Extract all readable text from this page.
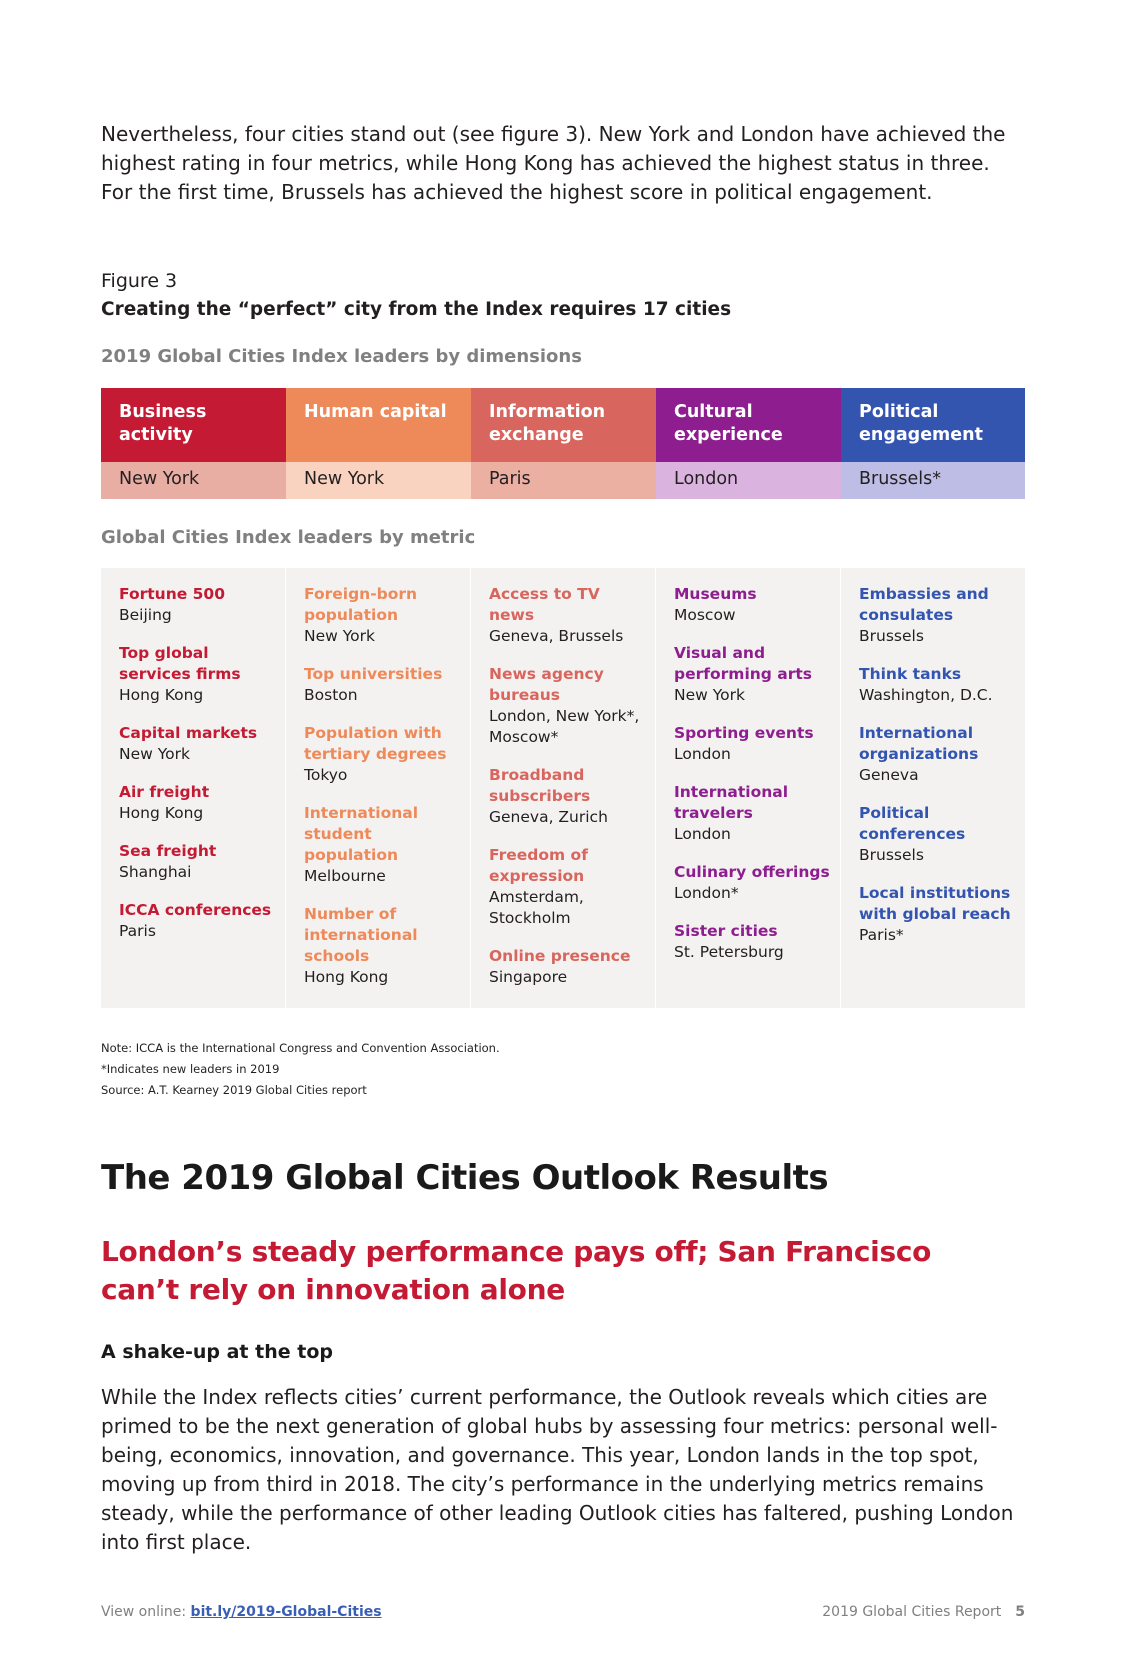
Nevertheless, four cities stand out (see figure 3). New York and London have achieved the highest rating in four metrics, while Hong Kong has achieved the highest status in three. For the first time, Brussels has achieved the highest score in political engagement.
Figure 3
Creating the “perfect” city from the Index requires 17 cities
2019 Global Cities Index leaders by dimensions
Business activity
New York
Human capital
New York
Information exchange
Paris
Cultural experience
London
Political engagement
Brussels*
Global Cities Index leaders by metric
Fortune 500
Beijing
Top global services firms
Hong Kong
Capital markets
New York
Air freight
Hong Kong
Sea freight
Shanghai
ICCA conferences
Paris
Foreign-born population
New York
Top universities
Boston
Population with tertiary degrees
Tokyo
International student population
Melbourne
Number of international schools
Hong Kong
Access to TV news
Geneva, Brussels
News agency bureaus
London, New York*, Moscow*
Broadband subscribers
Geneva, Zurich
Freedom of expression
Amsterdam, Stockholm
Online presence
Singapore
Museums
Moscow
Visual and performing arts
New York
Sporting events
London
International travelers
London
Culinary offerings
London*
Sister cities
St. Petersburg
Embassies and consulates
Brussels
Think tanks
Washington, D.C.
International organizations
Geneva
Political conferences
Brussels
Local institutions with global reach
Paris*
Note: ICCA is the International Congress and Convention Association.
*Indicates new leaders in 2019
Source: A.T. Kearney 2019 Global Cities report
The 2019 Global Cities Outlook Results
London’s steady performance pays off; San Francisco can’t rely on innovation alone
A shake-up at the top
While the Index reflects cities’ current performance, the Outlook reveals which cities are primed to be the next generation of global hubs by assessing four metrics: personal well-being, economics, innovation, and governance. This year, London lands in the top spot, moving up from third in 2018. The city’s performance in the underlying metrics remains steady, while the performance of other leading Outlook cities has faltered, pushing London into first place.
View online: bit.ly/2019-Global-Cities	2019 Global Cities Report 5
